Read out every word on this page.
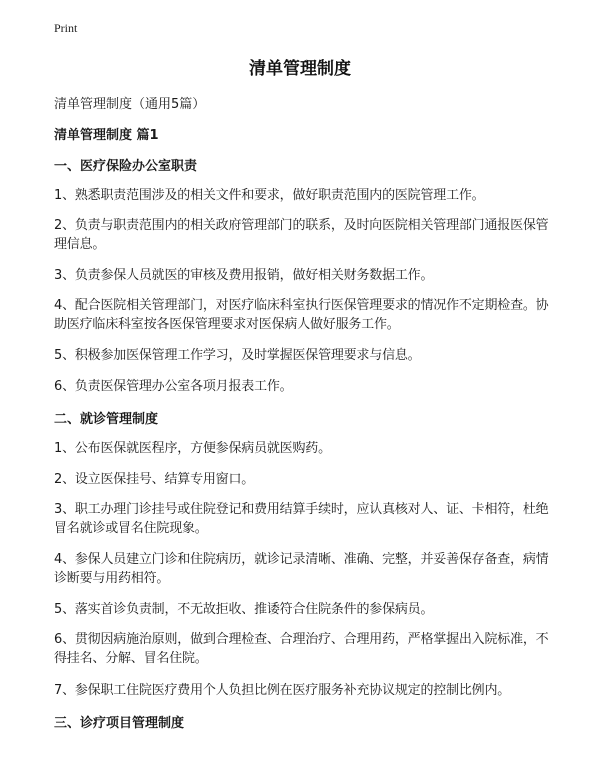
Print
清单管理制度
清单管理制度（通用5篇）
清单管理制度 篇1
一、医疗保险办公室职责
1、熟悉职责范围涉及的相关文件和要求，做好职责范围内的医院管理工作。
2、负责与职责范围内的相关政府管理部门的联系，及时向医院相关管理部门通报医保管理信息。
3、负责参保人员就医的审核及费用报销，做好相关财务数据工作。
4、配合医院相关管理部门，对医疗临床科室执行医保管理要求的情况作不定期检查。协助医疗临床科室按各医保管理要求对医保病人做好服务工作。
5、积极参加医保管理工作学习，及时掌握医保管理要求与信息。
6、负责医保管理办公室各项月报表工作。
二、就诊管理制度
1、公布医保就医程序，方便参保病员就医购药。
2、设立医保挂号、结算专用窗口。
3、职工办理门诊挂号或住院登记和费用结算手续时，应认真核对人、证、卡相符，杜绝冒名就诊或冒名住院现象。
4、参保人员建立门诊和住院病历，就诊记录清晰、准确、完整，并妥善保存备查，病情诊断要与用药相符。
5、落实首诊负责制，不无故拒收、推诿符合住院条件的参保病员。
6、贯彻因病施治原则，做到合理检查、合理治疗、合理用药，严格掌握出入院标准，不得挂名、分解、冒名住院。
7、参保职工住院医疗费用个人负担比例在医疗服务补充协议规定的控制比例内。
三、诊疗项目管理制度
